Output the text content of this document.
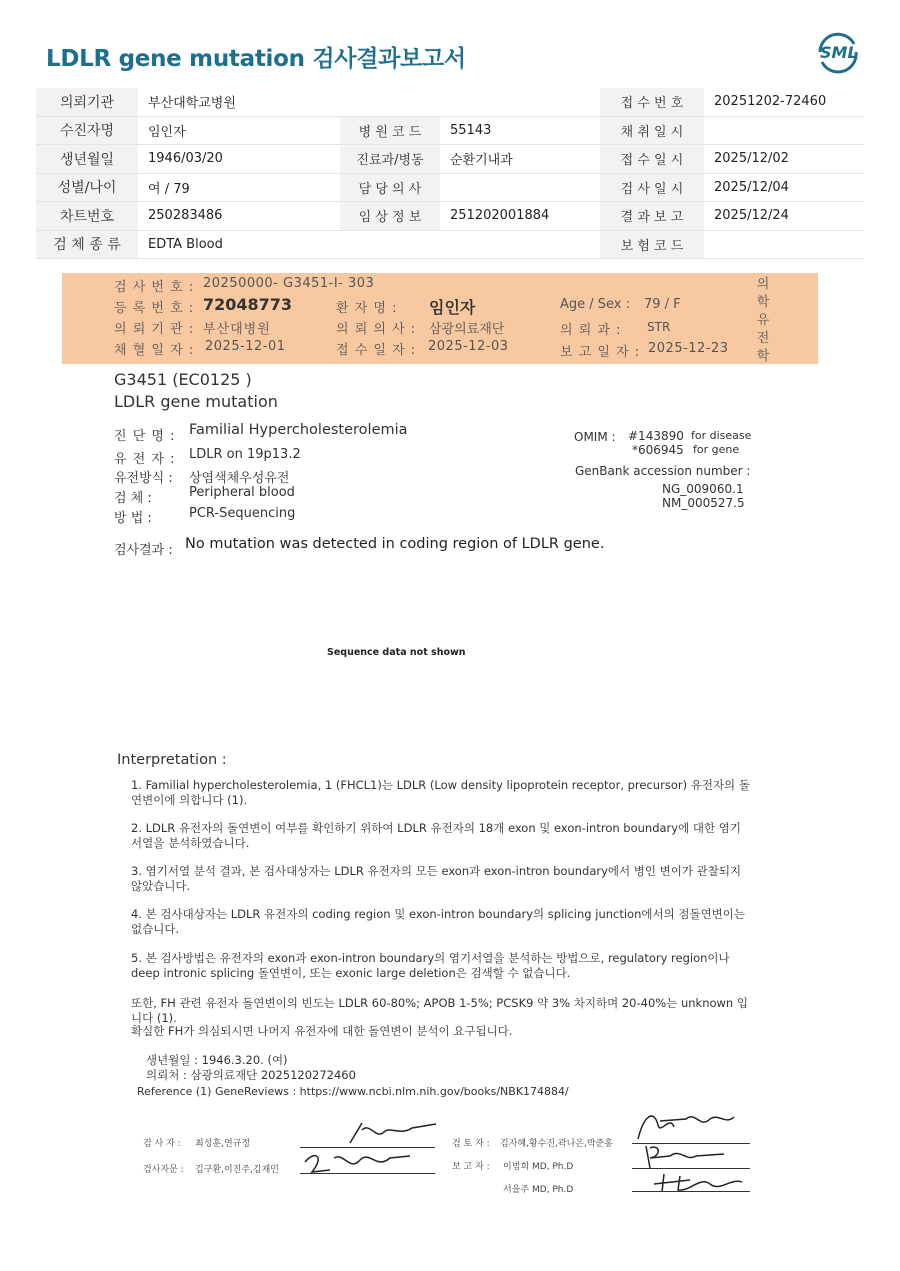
LDLR gene mutation 검사결과보고서	SML
의뢰기관	부산대학교병원			접 수 번 호	20251202-72460
수진자명	임인자	병 원 코 드	55143	채 취 일 시	
생년월일	1946/03/20	진료과/병동	순환기내과	접 수 일 시	2025/12/02
성별/나이	여 / 79	담 당 의 사		검 사 일 시	2025/12/04
차트번호	250283486	임 상 정 보	251202001884	결 과 보 고	2025/12/24
검 체 종 류	EDTA Blood			보 험 코 드	
검 사 번 호 : 20250000- G3451-I- 303
등 록 번 호 : 72048773	환 자 명 : 임인자	Age / Sex : 79 / F
의 뢰 기 관 : 부산대병원	의 뢰 의 사 : 삼광의료재단	의 뢰 과 : STR
채 혈 일 자 : 2025-12-01	접 수 일 자 : 2025-12-03	보 고 일 자 : 2025-12-23
의
학
유
전
학
G3451 (EC0125 )
LDLR gene mutation
진 단 명 : Familial Hypercholesterolemia
유 전 자 : LDLR on 19p13.2
유전방식 : 상염색체우성유전
검 체 :	Peripheral blood
방 법 :	PCR-Sequencing
OMIM : #143890 for disease
*606945 for gene
GenBank accession number :
NG_009060.1
NM_000527.5
검사결과 : No mutation was detected in coding region of LDLR gene.
Sequence data not shown
Interpretation :
1. Familial hypercholesterolemia, 1 (FHCL1)는 LDLR (Low density lipoprotein receptor, precursor) 유전자의 돌연변이에 의합니다 (1).
2. LDLR 유전자의 돌연변이 여부를 확인하기 위하여 LDLR 유전자의 18개 exon 및 exon-intron boundary에 대한 염기서열을 분석하였습니다.
3. 염기서열 분석 결과, 본 검사대상자는 LDLR 유전자의 모든 exon과 exon-intron boundary에서 병인 변이가 관찰되지 않았습니다.
4. 본 검사대상자는 LDLR 유전자의 coding region 및 exon-intron boundary의 splicing junction에서의 점돌연변이는 없습니다.
5. 본 검사방법은 유전자의 exon과 exon-intron boundary의 염기서열을 분석하는 방법으로, regulatory region이나 deep intronic splicing 돌연변이, 또는 exonic large deletion은 검색할 수 없습니다.
또한, FH 관련 유전자 돌연변이의 빈도는 LDLR 60-80%; APOB 1-5%; PCSK9 약 3% 차지하며 20-40%는 unknown 입니다 (1).
확실한 FH가 의심되시면 나머지 유전자에 대한 돌연변이 분석이 요구됩니다.
생년월일 : 1946.3.20. (여)
의뢰처 : 삼광의료재단 2025120272460
Reference (1) GeneReviews : https://www.ncbi.nlm.nih.gov/books/NBK174884/
검 사 자 : 최성훈,연규정
검사자문 : 김구환,이진주,김재민
검 토 자 : 김자혜,황수진,곽나은,박준홍
보 고 자 : 이범희 MD, Ph.D
서을주 MD, Ph.D
